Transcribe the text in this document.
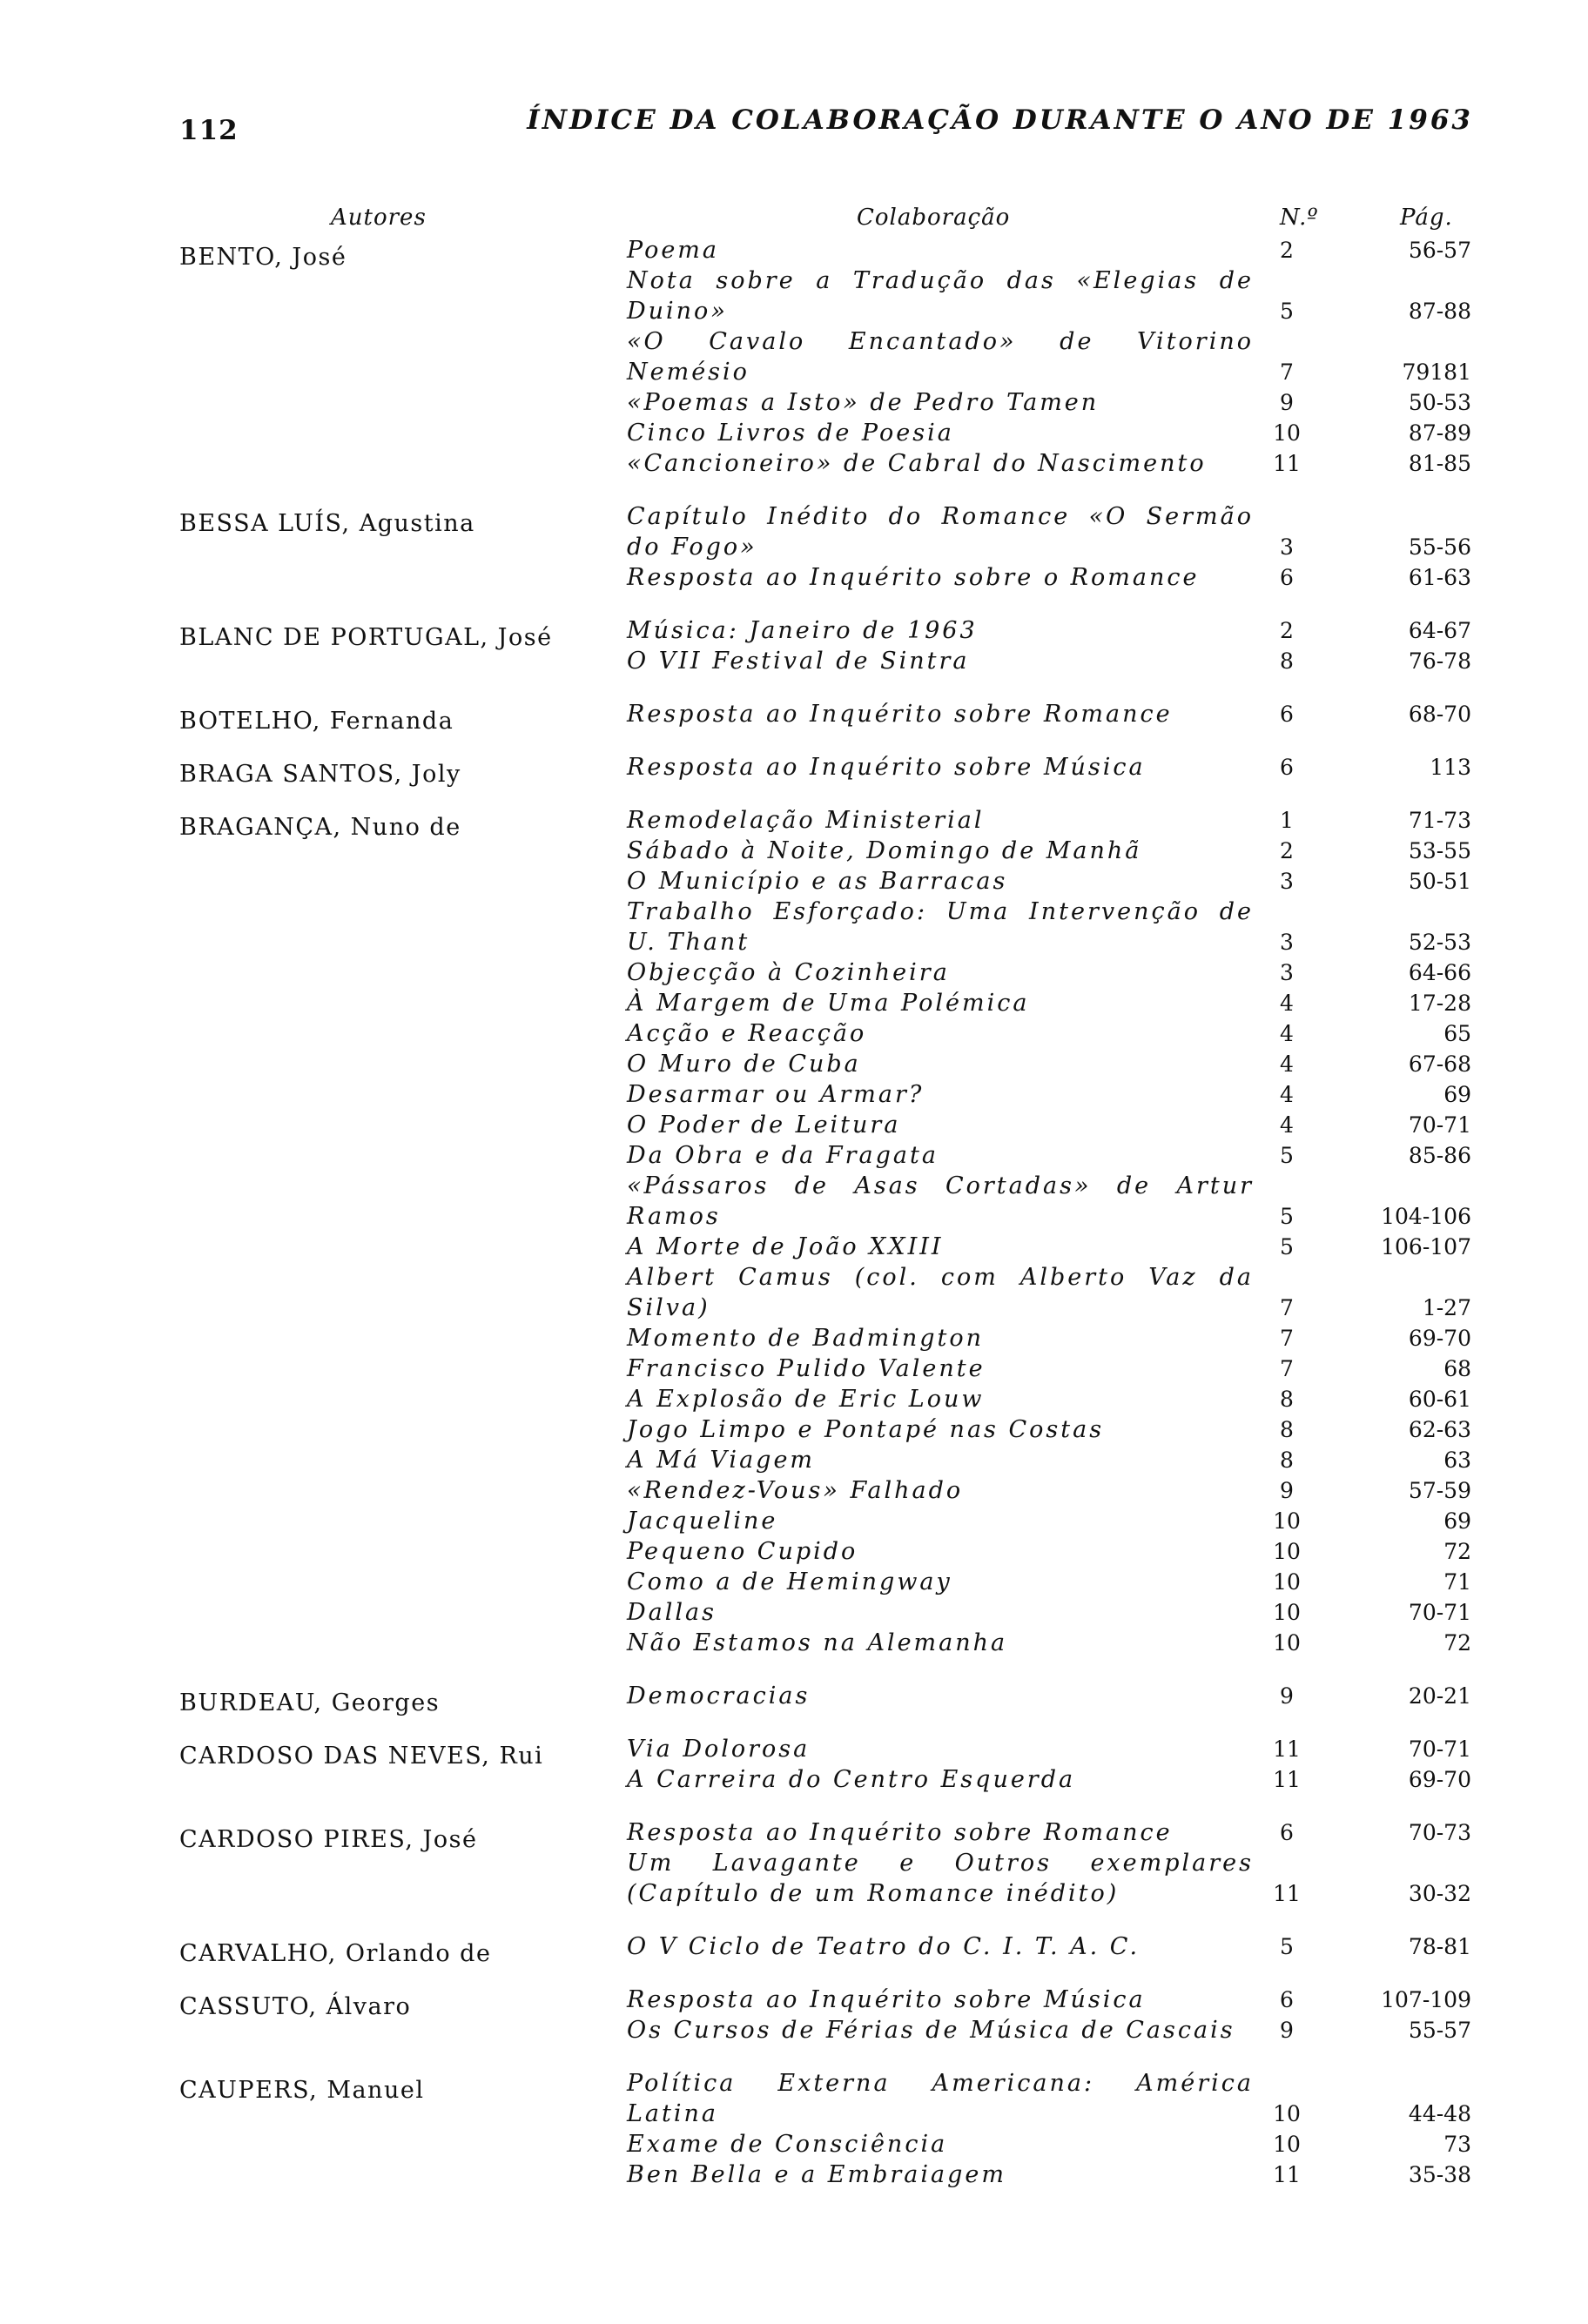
112	ÍNDICE DA COLABORAÇÃO DURANTE O ANO DE 1963
Autores	Colaboração	N.º	Pág.
BENTO, José	Poema	2	56-57
Nota sobre a Tradução das «Elegias de Duino»	5	87-88
«O Cavalo Encantado» de Vitorino Nemésio	7	79181
«Poemas a Isto» de Pedro Tamen	9	50-53
Cinco Livros de Poesia	10	87-89
«Cancioneiro» de Cabral do Nascimento	11	81-85
BESSA LUÍS, Agustina	Capítulo Inédito do Romance «O Sermão do Fogo»	3	55-56
Resposta ao Inquérito sobre o Romance	6	61-63
BLANC DE PORTUGAL, José	Música: Janeiro de 1963	2	64-67
O VII Festival de Sintra	8	76-78
BOTELHO, Fernanda	Resposta ao Inquérito sobre Romance	6	68-70
BRAGA SANTOS, Joly	Resposta ao Inquérito sobre Música	6	113
BRAGANÇA, Nuno de	Remodelação Ministerial	1	71-73
Sábado à Noite, Domingo de Manhã	2	53-55
O Município e as Barracas	3	50-51
Trabalho Esforçado: Uma Intervenção de U. Thant	3	52-53
Objecção à Cozinheira	3	64-66
À Margem de Uma Polémica	4	17-28
Acção e Reacção	4	65
O Muro de Cuba	4	67-68
Desarmar ou Armar?	4	69
O Poder de Leitura	4	70-71
Da Obra e da Fragata	5	85-86
«Pássaros de Asas Cortadas» de Artur Ramos	5	104-106
A Morte de João XXIII	5	106-107
Albert Camus (col. com Alberto Vaz da Silva)	7	1-27
Momento de Badmington	7	69-70
Francisco Pulido Valente	7	68
A Explosão de Eric Louw	8	60-61
Jogo Limpo e Pontapé nas Costas	8	62-63
A Má Viagem	8	63
«Rendez-Vous» Falhado	9	57-59
Jacqueline	10	69
Pequeno Cupido	10	72
Como a de Hemingway	10	71
Dallas	10	70-71
Não Estamos na Alemanha	10	72
BURDEAU, Georges	Democracias	9	20-21
CARDOSO DAS NEVES, Rui	Via Dolorosa	11	70-71
A Carreira do Centro Esquerda	11	69-70
CARDOSO PIRES, José	Resposta ao Inquérito sobre Romance	6	70-73
Um Lavagante e Outros exemplares (Capítulo de um Romance inédito)	11	30-32
CARVALHO, Orlando de	O V Ciclo de Teatro do C. I. T. A. C.	5	78-81
CASSUTO, Álvaro	Resposta ao Inquérito sobre Música	6	107-109
Os Cursos de Férias de Música de Cascais	9	55-57
CAUPERS, Manuel	Política Externa Americana: América Latina	10	44-48
Exame de Consciência	10	73
Ben Bella e a Embraiagem	11	35-38
